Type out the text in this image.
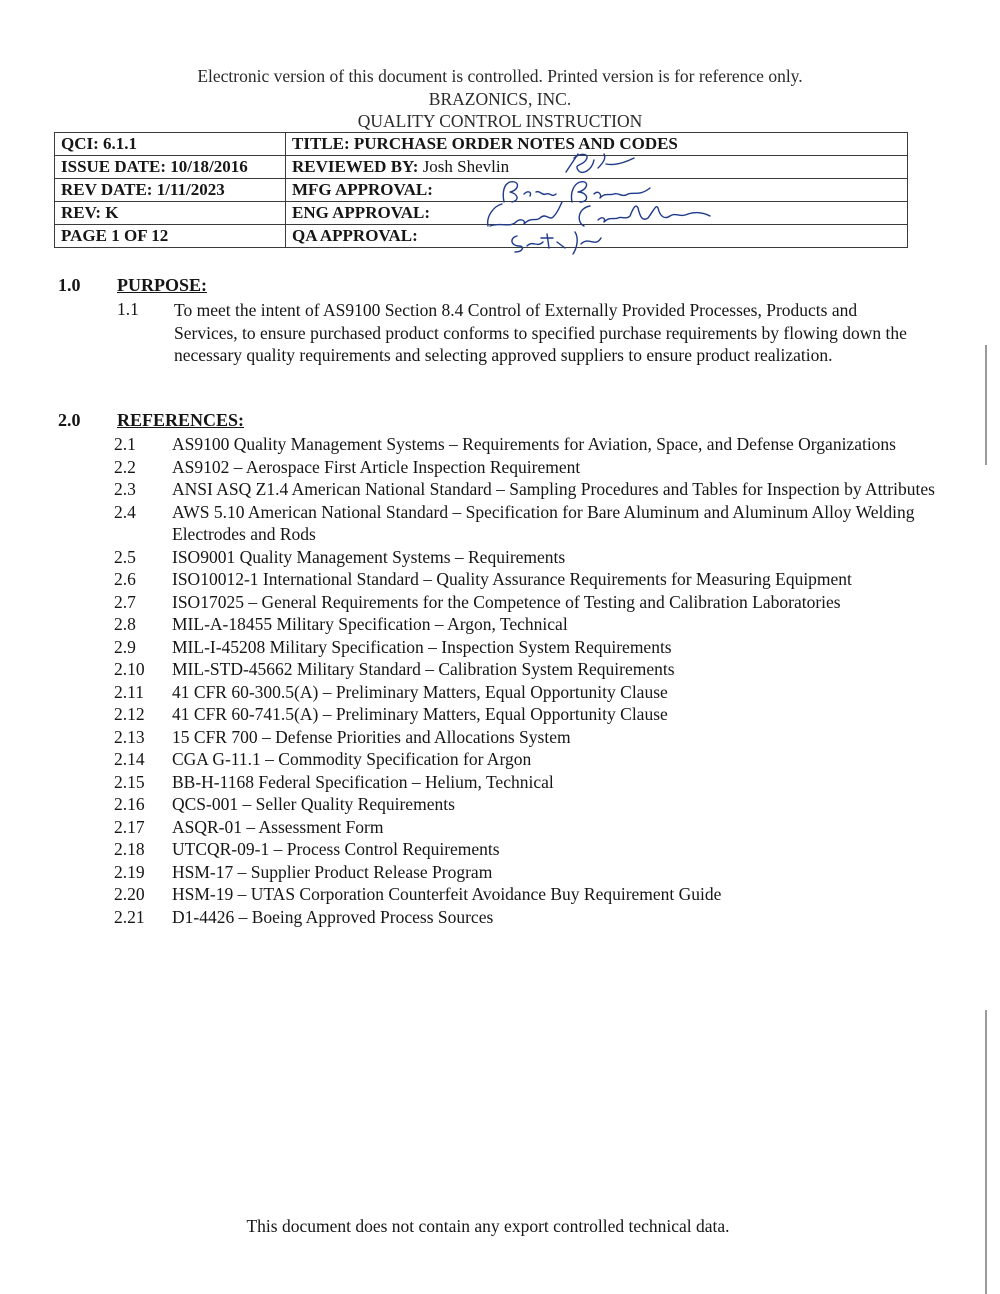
Electronic version of this document is controlled. Printed version is for reference only.
BRAZONICS, INC.
QUALITY CONTROL INSTRUCTION
QCI: 6.1.1	TITLE: PURCHASE ORDER NOTES AND CODES
ISSUE DATE: 10/18/2016	REVIEWED BY: Josh Shevlin
REV DATE: 1/11/2023	MFG APPROVAL:
REV: K	ENG APPROVAL:
PAGE 1 OF 12	QA APPROVAL:
1.0 PURPOSE:
1.1 To meet the intent of AS9100 Section 8.4 Control of Externally Provided Processes, Products and Services, to ensure purchased product conforms to specified purchase requirements by flowing down the necessary quality requirements and selecting approved suppliers to ensure product realization.
2.0 REFERENCES:
2.1	AS9100 Quality Management Systems – Requirements for Aviation, Space, and Defense Organizations
2.2	AS9102 – Aerospace First Article Inspection Requirement
2.3	ANSI ASQ Z1.4 American National Standard – Sampling Procedures and Tables for Inspection by Attributes
2.4	AWS 5.10 American National Standard – Specification for Bare Aluminum and Aluminum Alloy Welding Electrodes and Rods
2.5	ISO9001 Quality Management Systems – Requirements
2.6	ISO10012-1 International Standard – Quality Assurance Requirements for Measuring Equipment
2.7	ISO17025 – General Requirements for the Competence of Testing and Calibration Laboratories
2.8	MIL-A-18455 Military Specification – Argon, Technical
2.9	MIL-I-45208 Military Specification – Inspection System Requirements
2.10	MIL-STD-45662 Military Standard – Calibration System Requirements
2.11	41 CFR 60-300.5(A) – Preliminary Matters, Equal Opportunity Clause
2.12	41 CFR 60-741.5(A) – Preliminary Matters, Equal Opportunity Clause
2.13	15 CFR 700 – Defense Priorities and Allocations System
2.14	CGA G-11.1 – Commodity Specification for Argon
2.15	BB-H-1168 Federal Specification – Helium, Technical
2.16	QCS-001 – Seller Quality Requirements
2.17	ASQR-01 – Assessment Form
2.18	UTCQR-09-1 – Process Control Requirements
2.19	HSM-17 – Supplier Product Release Program
2.20	HSM-19 – UTAS Corporation Counterfeit Avoidance Buy Requirement Guide
2.21	D1-4426 – Boeing Approved Process Sources
This document does not contain any export controlled technical data.
